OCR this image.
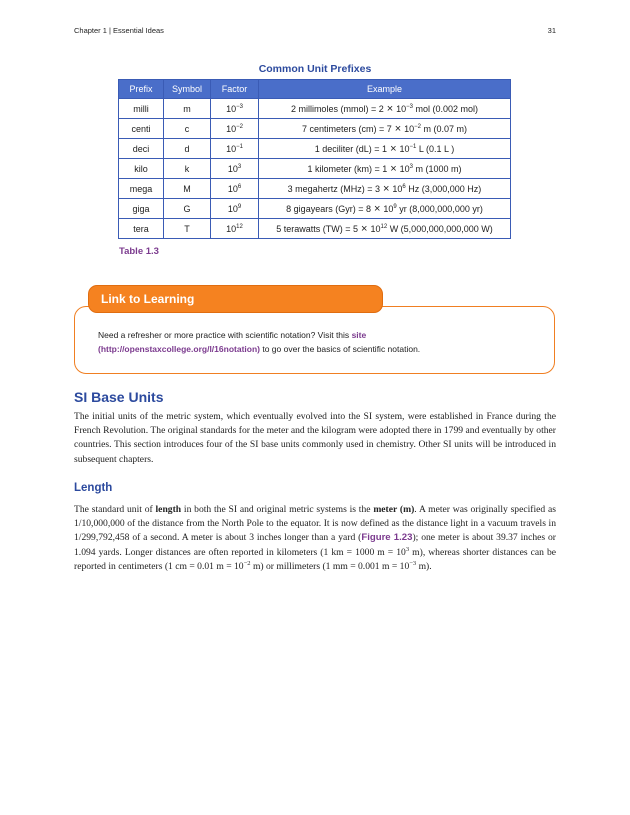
Chapter 1 | Essential Ideas	31
Common Unit Prefixes
Prefix	Symbol	Factor	Example
milli	m	$10^{-3}$	2 millimoles (mmol) = $2 \times 10^{-3}$ mol (0.002 mol)
centi	c	$10^{-2}$	7 centimeters $(cm) = 7 \times 10^{-2}$ m (0.07 m)
deci	d	$10^{-1}$	1 deciliter $(dL) = 1 \times 10^{-1}$ L (0.1 L )
kilo	k	$10^3$	1 kilometer $(km) = 1 \times 10^3$ m (1000 m)
mega	M	$10^6$	3 megahertz $(MHz) = 3 \times 10^6$ Hz (3,000,000 Hz)
giga	G	$10^9$	8 gigayears $(Gyr) = 8 \times 10^9$ yr (8,000,000,000 yr)
tera	T	$10^{12}$	5 terawatts $(TW) = 5 \times 10^{12}$ W (5,000,000,000,000 W)
Table 1.3
Link to Learning
Need a refresher or more practice with scientific notation? Visit this site (http://openstaxcollege.org/l/16notation) to go over the basics of scientific notation.
SI Base Units
The initial units of the metric system, which eventually evolved into the SI system, were established in France during the French Revolution. The original standards for the meter and the kilogram were adopted there in 1799 and eventually by other countries. This section introduces four of the SI base units commonly used in chemistry. Other SI units will be introduced in subsequent chapters.
Length
The standard unit of length in both the SI and original metric systems is the meter (m). A meter was originally specified as 1/10,000,000 of the distance from the North Pole to the equator. It is now defined as the distance light in a vacuum travels in 1/299,792,458 of a second. A meter is about 3 inches longer than a yard (Figure 1.23); one meter is about 39.37 inches or 1.094 yards. Longer distances are often reported in kilometers (1 km = 1000 $m = 10^3$ m), whereas shorter distances can be reported in centimeters (1 cm = 0.01 $m = 10^{-2}$ m) or millimeters (1 mm = 0.001 $m = 10^{-3}$ m).
